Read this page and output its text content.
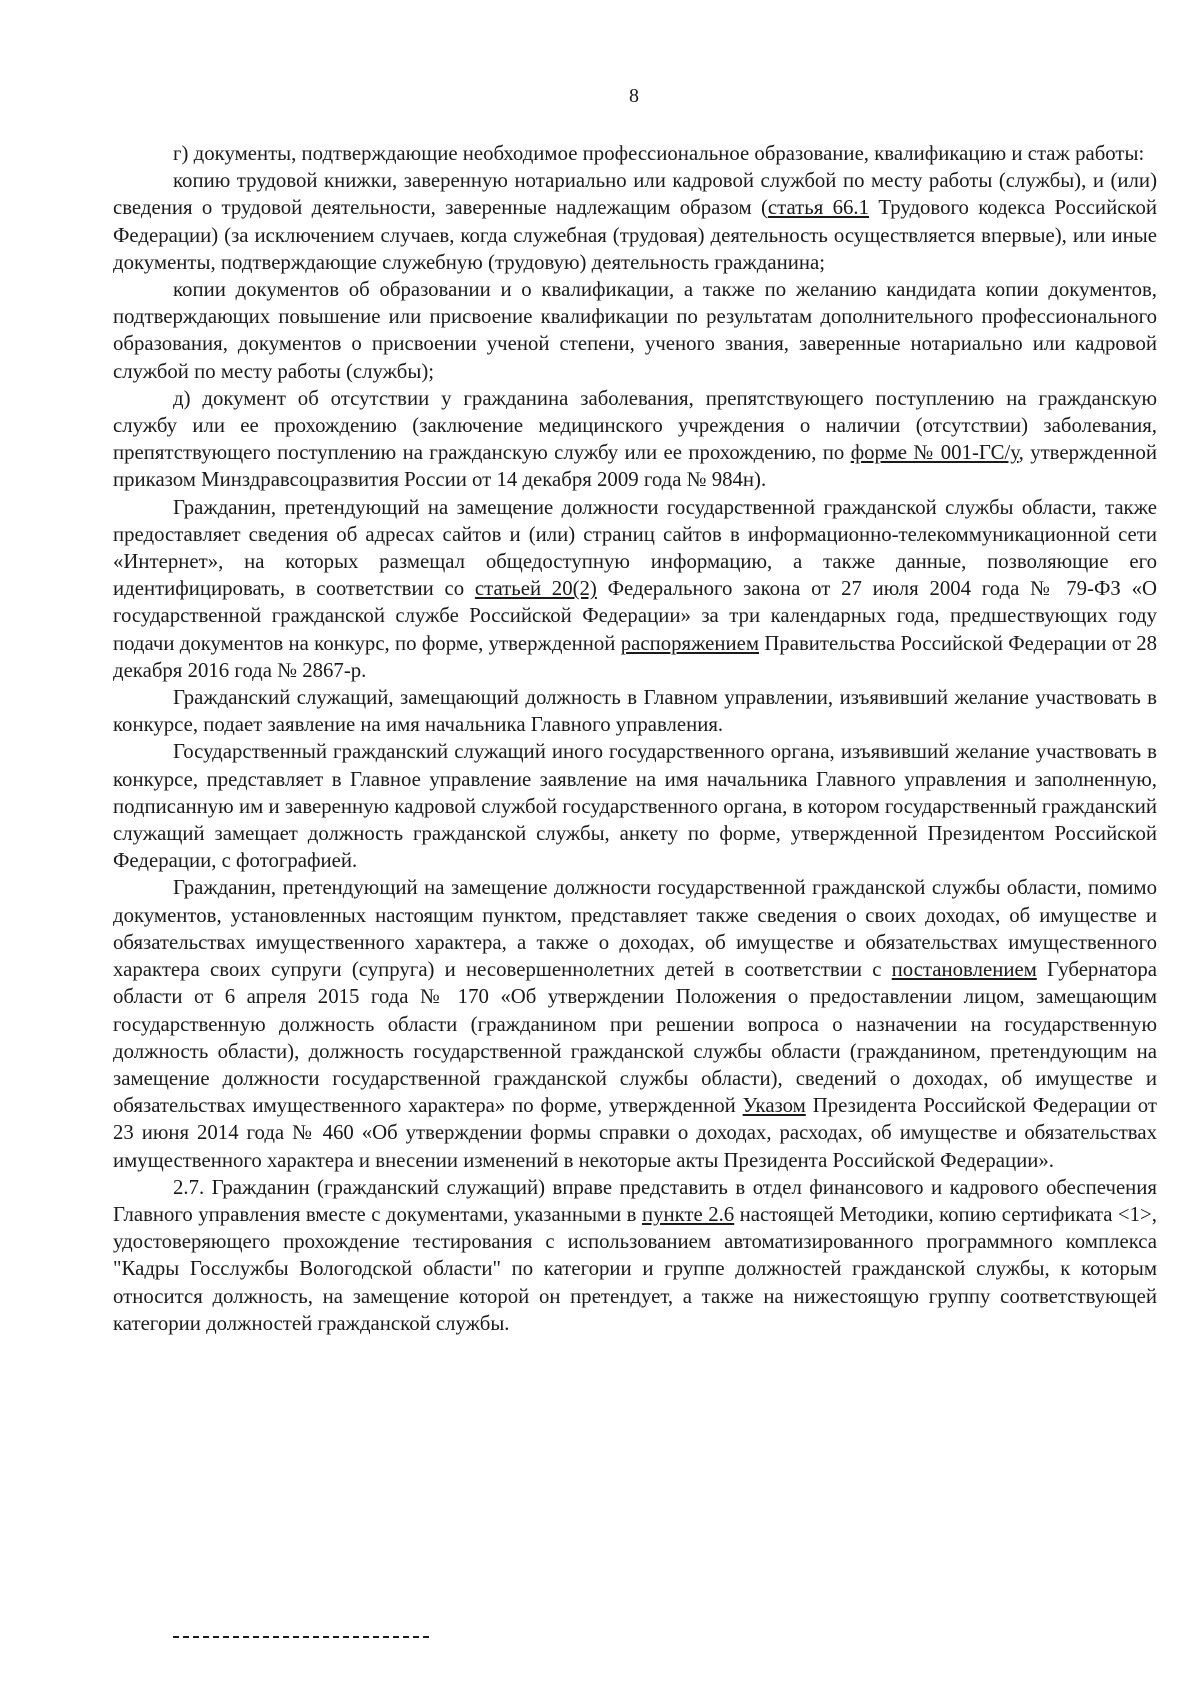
8

г) документы, подтверждающие необходимое профессиональное образование, квалификацию и стаж работы:

копию трудовой книжки, заверенную нотариально или кадровой службой по месту работы (службы), и (или) сведения о трудовой деятельности, заверенные надлежащим образом (статья 66.1 Трудового кодекса Российской Федерации) (за исключением случаев, когда служебная (трудовая) деятельность осуществляется впервые), или иные документы, подтверждающие служебную (трудовую) деятельность гражданина;

копии документов об образовании и о квалификации, а также по желанию кандидата копии документов, подтверждающих повышение или присвоение квалификации по результатам дополнительного профессионального образования, документов о присвоении ученой степени, ученого звания, заверенные нотариально или кадровой службой по месту работы (службы);

д) документ об отсутствии у гражданина заболевания, препятствующего поступлению на гражданскую службу или ее прохождению (заключение медицинского учреждения о наличии (отсутствии) заболевания, препятствующего поступлению на гражданскую службу или ее прохождению, по форме № 001-ГС/у, утвержденной приказом Минздравсоцразвития России от 14 декабря 2009 года № 984н).

Гражданин, претендующий на замещение должности государственной гражданской службы области, также предоставляет сведения об адресах сайтов и (или) страниц сайтов в информационно-телекоммуникационной сети «Интернет», на которых размещал общедоступную информацию, а также данные, позволяющие его идентифицировать, в соответствии со статьей 20(2) Федерального закона от 27 июля 2004 года № 79-ФЗ «О государственной гражданской службе Российской Федерации» за три календарных года, предшествующих году подачи документов на конкурс, по форме, утвержденной распоряжением Правительства Российской Федерации от 28 декабря 2016 года № 2867-р.

Гражданский служащий, замещающий должность в Главном управлении, изъявивший желание участвовать в конкурсе, подает заявление на имя начальника Главного управления.

Государственный гражданский служащий иного государственного органа, изъявивший желание участвовать в конкурсе, представляет в Главное управление заявление на имя начальника Главного управления и заполненную, подписанную им и заверенную кадровой службой государственного органа, в котором государственный гражданский служащий замещает должность гражданской службы, анкету по форме, утвержденной Президентом Российской Федерации, с фотографией.

Гражданин, претендующий на замещение должности государственной гражданской службы области, помимо документов, установленных настоящим пунктом, представляет также сведения о своих доходах, об имуществе и обязательствах имущественного характера, а также о доходах, об имуществе и обязательствах имущественного характера своих супруги (супруга) и несовершеннолетних детей в соответствии с постановлением Губернатора области от 6 апреля 2015 года № 170 «Об утверждении Положения о предоставлении лицом, замещающим государственную должность области (гражданином при решении вопроса о назначении на государственную должность области), должность государственной гражданской службы области (гражданином, претендующим на замещение должности государственной гражданской службы области), сведений о доходах, об имуществе и обязательствах имущественного характера» по форме, утвержденной Указом Президента Российской Федерации от 23 июня 2014 года № 460 «Об утверждении формы справки о доходах, расходах, об имуществе и обязательствах имущественного характера и внесении изменений в некоторые акты Президента Российской Федерации».

2.7. Гражданин (гражданский служащий) вправе представить в отдел финансового и кадрового обеспечения Главного управления вместе с документами, указанными в пункте 2.6 настоящей Методики, копию сертификата <1>, удостоверяющего прохождение тестирования с использованием автоматизированного программного комплекса "Кадры Госслужбы Вологодской области" по категории и группе должностей гражданской службы, к которым относится должность, на замещение которой он претендует, а также на нижестоящую группу соответствующей категории должностей гражданской службы.
